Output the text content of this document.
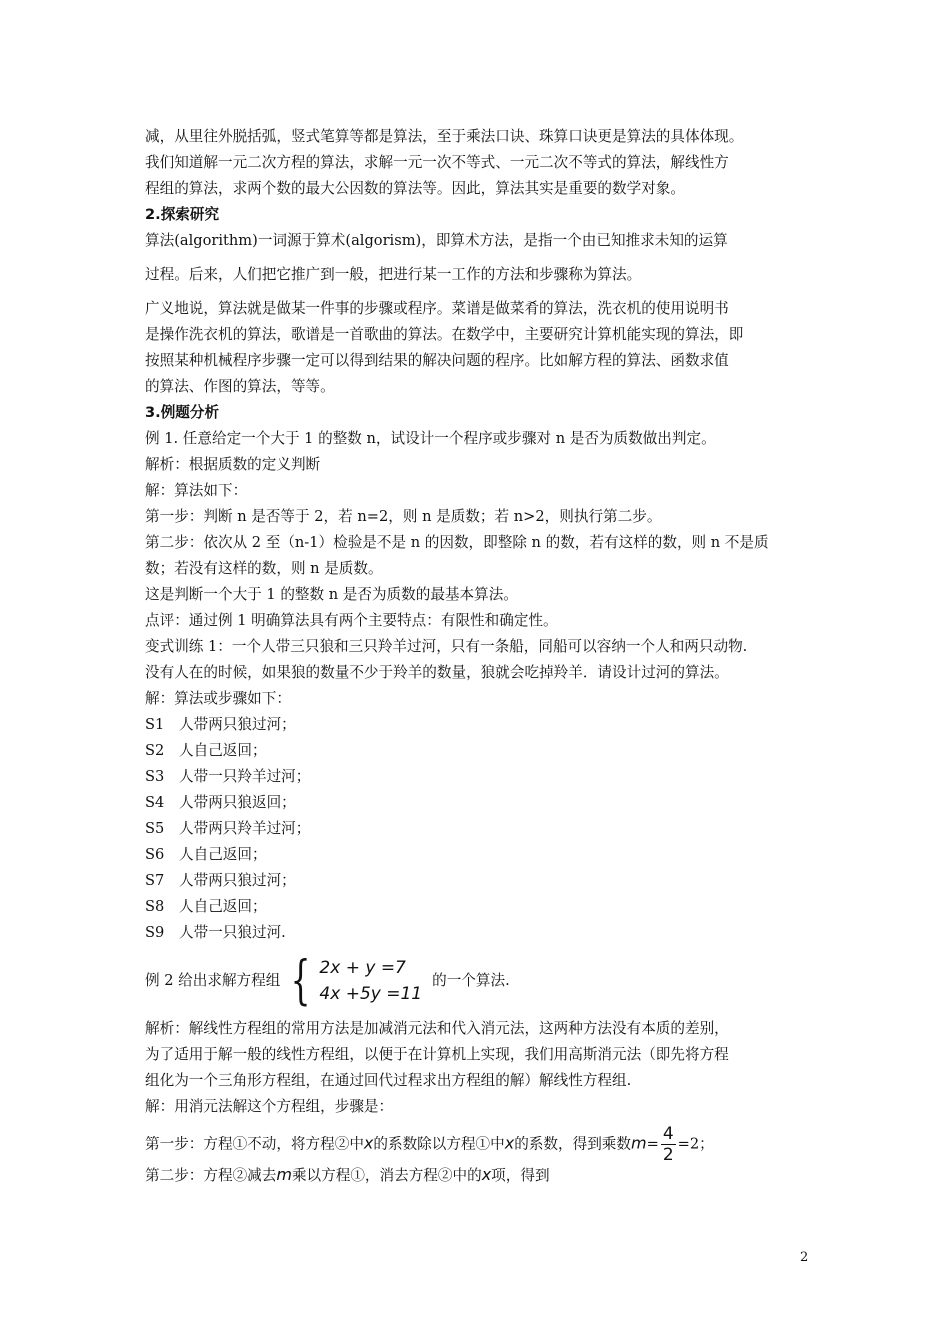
减，从里往外脱括弧，竖式笔算等都是算法，至于乘法口诀、珠算口诀更是算法的具体体现。
我们知道解一元二次方程的算法，求解一元一次不等式、一元二次不等式的算法，解线性方
程组的算法，求两个数的最大公因数的算法等。因此，算法其实是重要的数学对象。
2.探索研究
算法(algorithm)一词源于算术(algorism)，即算术方法，是指一个由已知推求未知的运算
过程。后来，人们把它推广到一般，把进行某一工作的方法和步骤称为算法。
广义地说，算法就是做某一件事的步骤或程序。菜谱是做菜肴的算法，洗衣机的使用说明书
是操作洗衣机的算法，歌谱是一首歌曲的算法。在数学中，主要研究计算机能实现的算法，即
按照某种机械程序步骤一定可以得到结果的解决问题的程序。比如解方程的算法、函数求值
的算法、作图的算法，等等。
3.例题分析
例 1. 任意给定一个大于 1 的整数 n，试设计一个程序或步骤对 n 是否为质数做出判定。
解析：根据质数的定义判断
解：算法如下：
第一步：判断 n 是否等于 2，若 n=2，则 n 是质数；若 n>2，则执行第二步。
第二步：依次从 2 至（n-1）检验是不是 n 的因数，即整除 n 的数，若有这样的数，则 n 不是质
数；若没有这样的数，则 n 是质数。
这是判断一个大于 1 的整数 n 是否为质数的最基本算法。
点评：通过例 1 明确算法具有两个主要特点：有限性和确定性。
变式训练 1：一个人带三只狼和三只羚羊过河，只有一条船，同船可以容纳一个人和两只动物.
没有人在的时候，如果狼的数量不少于羚羊的数量，狼就会吃掉羚羊．请设计过河的算法。
解：算法或步骤如下：
S1	人带两只狼过河；
S2	人自己返回；
S3	人带一只羚羊过河；
S4	人带两只狼返回；
S5	人带两只羚羊过河；
S6	人自己返回；
S7	人带两只狼过河；
S8	人自己返回；
S9	人带一只狼过河.
例 2 给出求解方程组 { 2x + y =7
4x +5y =11
的一个算法.
解析：解线性方程组的常用方法是加减消元法和代入消元法，这两种方法没有本质的差别，
为了适用于解一般的线性方程组，以便于在计算机上实现，我们用高斯消元法（即先将方程
组化为一个三角形方程组，在通过回代过程求出方程组的解）解线性方程组.
解：用消元法解这个方程组，步骤是：
第一步：方程①不动，将方程②中x的系数除以方程①中x的系数，得到乘数$m= \frac{4}{2} =2$；
第二步：方程②减去m乘以方程①，消去方程②中的x项，得到
2
